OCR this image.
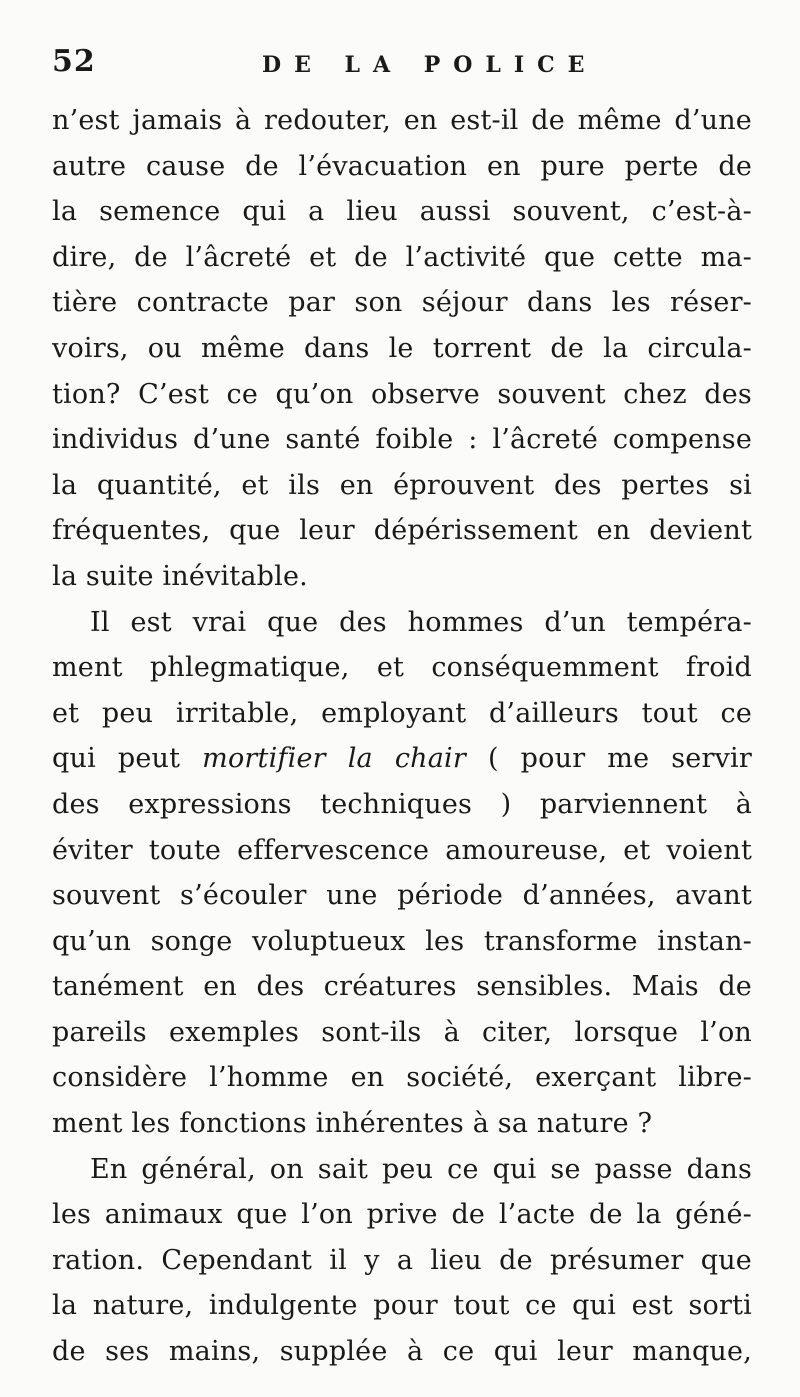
52	DE LA POLICE
n’est jamais à redouter, en est-il de même d’une
autre cause de l’évacuation en pure perte de
la semence qui a lieu aussi souvent, c’est-à-
dire, de l’âcreté et de l’activité que cette ma-
tière contracte par son séjour dans les réser-
voirs, ou même dans le torrent de la circula-
tion? C’est ce qu’on observe souvent chez des
individus d’une santé foible : l’âcreté compense
la quantité, et ils en éprouvent des pertes si
fréquentes, que leur dépérissement en devient
la suite inévitable.
Il est vrai que des hommes d’un tempéra-
ment phlegmatique, et conséquemment froid
et peu irritable, employant d’ailleurs tout ce
qui peut mortifier la chair ( pour me servir
des expressions techniques ) parviennent à
éviter toute effervescence amoureuse, et voient
souvent s’écouler une période d’années, avant
qu’un songe voluptueux les transforme instan-
tanément en des créatures sensibles. Mais de
pareils exemples sont-ils à citer, lorsque l’on
considère l’homme en société, exerçant libre-
ment les fonctions inhérentes à sa nature ?
En général, on sait peu ce qui se passe dans
les animaux que l’on prive de l’acte de la géné-
ration. Cependant il y a lieu de présumer que
la nature, indulgente pour tout ce qui est sorti
de ses mains, supplée à ce qui leur manque,
